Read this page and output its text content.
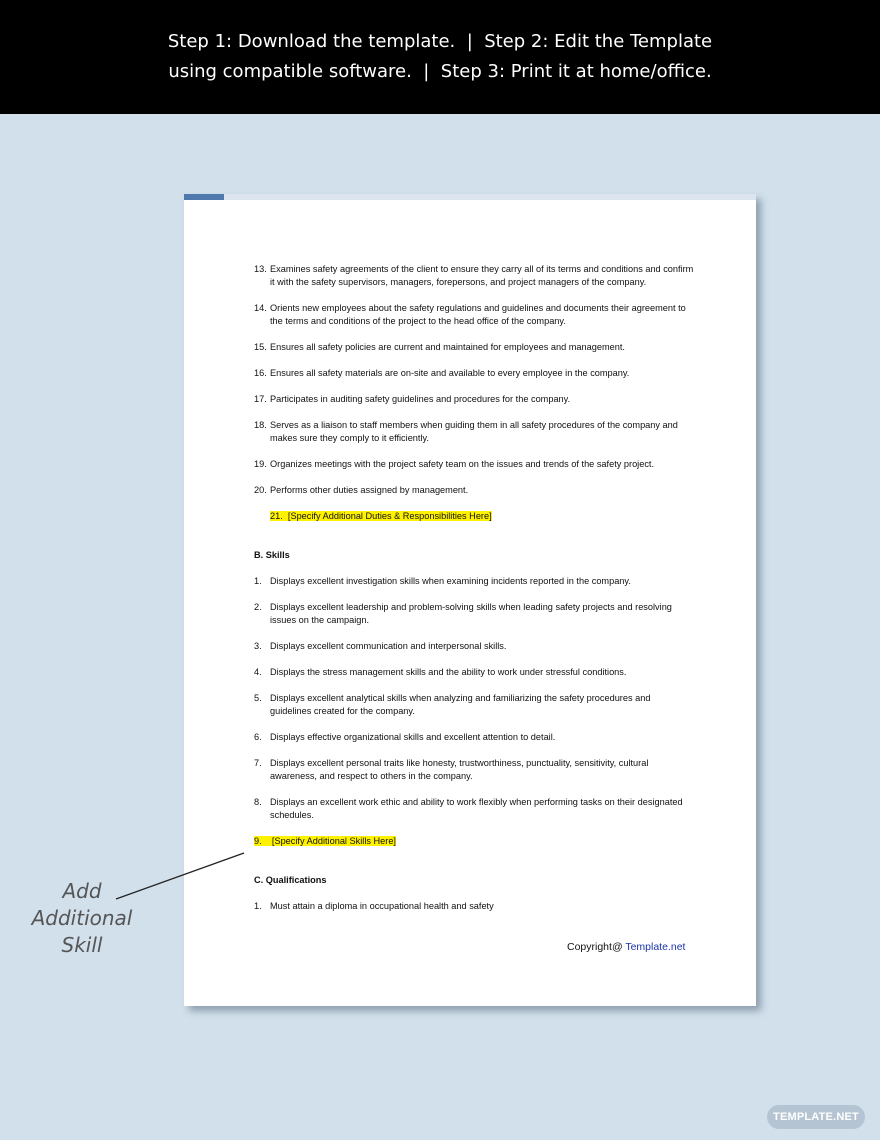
Step 1: Download the template.  |  Step 2: Edit the Template
using compatible software.  |  Step 3: Print it at home/office.
13. Examines safety agreements of the client to ensure they carry all of its terms and conditions and confirm it with the safety supervisors, managers, forepersons, and project managers of the company.
14. Orients new employees about the safety regulations and guidelines and documents their agreement to the terms and conditions of the project to the head office of the company.
15. Ensures all safety policies are current and maintained for employees and management.
16. Ensures all safety materials are on-site and available to every employee in the company.
17. Participates in auditing safety guidelines and procedures for the company.
18. Serves as a liaison to staff members when guiding them in all safety procedures of the company and makes sure they comply to it efficiently.
19. Organizes meetings with the project safety team on the issues and trends of the safety project.
20. Performs other duties assigned by management.
21. [Specify Additional Duties & Responsibilities Here]
B. Skills
1. Displays excellent investigation skills when examining incidents reported in the company.
2. Displays excellent leadership and problem-solving skills when leading safety projects and resolving issues on the campaign.
3. Displays excellent communication and interpersonal skills.
4. Displays the stress management skills and the ability to work under stressful conditions.
5. Displays excellent analytical skills when analyzing and familiarizing the safety procedures and guidelines created for the company.
6. Displays effective organizational skills and excellent attention to detail.
7. Displays excellent personal traits like honesty, trustworthiness, punctuality, sensitivity, cultural awareness, and respect to others in the company.
8. Displays an excellent work ethic and ability to work flexibly when performing tasks on their designated schedules.
9. [Specify Additional Skills Here]
C. Qualifications
1. Must attain a diploma in occupational health and safety
Copyright@ Template.net
Add
Additional
Skill
TEMPLATE.NET
